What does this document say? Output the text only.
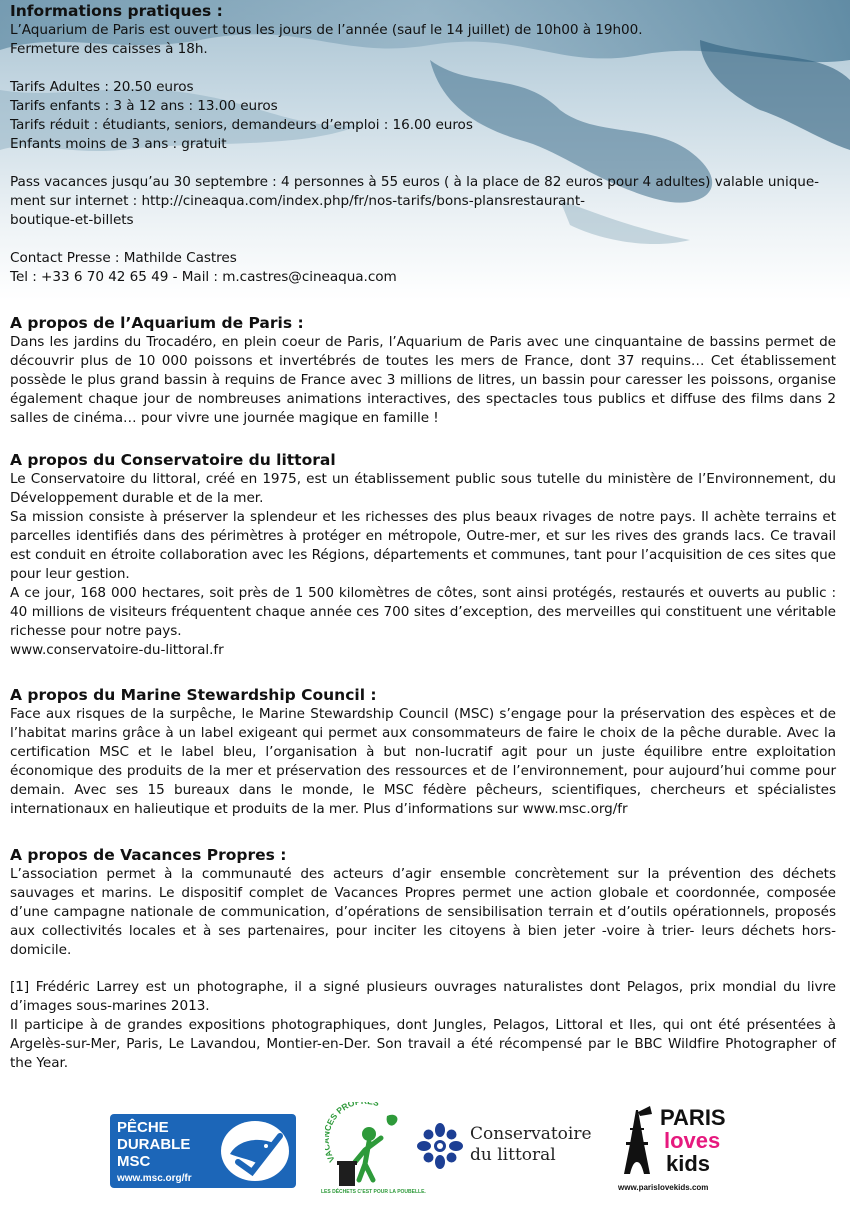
Informations pratiques :

L’Aquarium de Paris est ouvert tous les jours de l’année (sauf le 14 juillet) de 10h00 à 19h00.

Fermeture des caisses à 18h.

Tarifs Adultes : 20.50 euros

Tarifs enfants : 3 à 12 ans : 13.00 euros

Tarifs réduit : étudiants, seniors, demandeurs d’emploi : 16.00 euros

Enfants moins de 3 ans : gratuit

Pass vacances jusqu’au 30 septembre : 4 personnes à 55 euros ( à la place de 82 euros pour 4 adultes) valable unique-

ment sur internet : http://cineaqua.com/index.php/fr/nos-tarifs/bons-plansrestaurant-

boutique-et-billets

Contact Presse : Mathilde Castres

Tel : +33 6 70 42 65 49 - Mail : m.castres@cineaqua.com

A propos de l’Aquarium de Paris :

Dans les jardins du Trocadéro, en plein coeur de Paris, l’Aquarium de Paris avec une cinquantaine de bassins permet de découvrir plus de 10 000 poissons et invertébrés de toutes les mers de France, dont 37 requins… Cet établissement possède le plus grand bassin à requins de France avec 3 millions de litres, un bassin pour caresser les poissons, organise également chaque jour de nombreuses animations interactives, des spectacles tous publics et diffuse des films dans 2 salles de cinéma… pour vivre une journée magique en famille !

A propos du Conservatoire du littoral

Le Conservatoire du littoral, créé en 1975, est un établissement public sous tutelle du ministère de l’Environnement, du Développement durable et de la mer.

Sa mission consiste à préserver la splendeur et les richesses des plus beaux rivages de notre pays. Il achète terrains et parcelles identifiés dans des périmètres à protéger en métropole, Outre-mer, et sur les rives des grands lacs. Ce travail est conduit en étroite collaboration avec les Régions, départements et communes, tant pour l’acquisition de ces sites que pour leur gestion.

A ce jour, 168 000 hectares, soit près de 1 500 kilomètres de côtes, sont ainsi protégés, restaurés et ouverts au public : 40 millions de visiteurs fréquentent chaque année ces 700 sites d’exception, des merveilles qui constituent une véritable richesse pour notre pays.

www.conservatoire-du-littoral.fr

A propos du Marine Stewardship Council :

Face aux risques de la surpêche, le Marine Stewardship Council (MSC) s’engage pour la préservation des espèces et de l’habitat marins grâce à un label exigeant qui permet aux consommateurs de faire le choix de la pêche durable. Avec la certification MSC et le label bleu, l’organisation à but non-lucratif agit pour un juste équilibre entre exploitation économique des produits de la mer et préservation des ressources et de l’environnement, pour aujourd’hui comme pour demain. Avec ses 15 bureaux dans le monde, le MSC fédère pêcheurs, scientifiques, chercheurs et spécialistes internationaux en halieutique et produits de la mer. Plus d’informations sur www.msc.org/fr

A propos de Vacances Propres :

L’association permet à la communauté des acteurs d’agir ensemble concrètement sur la prévention des déchets sauvages et marins. Le dispositif complet de Vacances Propres permet une action globale et coordonnée, composée d’une campagne nationale de communication, d’opérations de sensibilisation terrain et d’outils opérationnels, proposés aux collectivités locales et à ses partenaires, pour inciter les citoyens à bien jeter -voire à trier- leurs déchets hors-domicile.

[1] Frédéric Larrey est un photographe, il a signé plusieurs ouvrages naturalistes dont Pelagos, prix mondial du livre d’images sous-marines 2013.

Il participe à de grandes expositions photographiques, dont Jungles, Pelagos, Littoral et Iles, qui ont été présentées à Argelès-sur-Mer, Paris, Le Lavandou, Montier-en-Der. Son travail a été récompensé par le BBC Wildfire Photographer of the Year.

PÊCHE
DURABLE
MSC
www.msc.org/fr
V ES PRO S
LES DÉCHETS C’EST POUR LA POUBELLE.
Conservatoire
du littoral
PARIS
loves
kids
www.parislovekids.com
